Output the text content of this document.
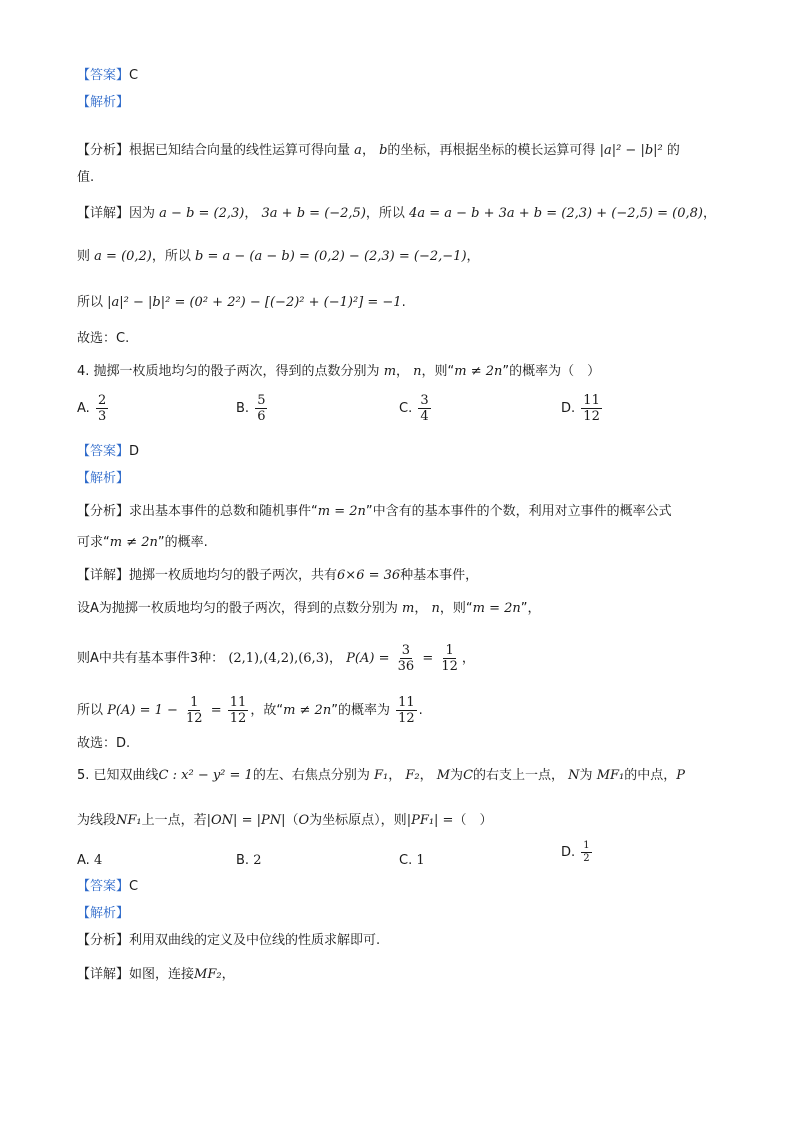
【答案】C
【解析】
【分析】根据已知结合向量的线性运算可得向量 a， b的坐标，再根据坐标的模长运算可得 |a|² − |b|² 的
值.
【详解】因为 a − b = (2,3)， 3a + b = (−2,5)，所以 4a = a − b + 3a + b = (2,3) + (−2,5) = (0,8)，
则 a = (0,2)，所以 b = a − (a − b) = (0,2) − (2,3) = (−2,−1)，
所以 |a|² − |b|² = (0² + 2²) − [(−2)² + (−1)²] = −1.
故选：C.
4. 抛掷一枚质地均匀的骰子两次，得到的点数分别为 m， n，则“m ≠ 2n”的概率为（　）
A. $\frac{2}{3}$	B. $\frac{5}{6}$	C. $\frac{3}{4}$	D. $\frac{11}{12}$
【答案】D
【解析】
【分析】求出基本事件的总数和随机事件“m = 2n”中含有的基本事件的个数，利用对立事件的概率公式
可求“m ≠ 2n”的概率.
【详解】抛掷一枚质地均匀的骰子两次，共有6×6 = 36种基本事件，
设A为抛掷一枚质地均匀的骰子两次，得到的点数分别为 m， n，则“m = 2n”，
则A中共有基本事件3种： (2,1),(4,2),(6,3)， $P(A) = \frac{3}{36} = \frac{1}{12}$ ，
所以 $P(A) = 1 - \frac{1}{12} = \frac{11}{12}$ ，故“m ≠ 2n”的概率为 $\frac{11}{12}$ .
故选：D.
5. 已知双曲线C : x² − y² = 1的左、右焦点分别为 F₁， F₂， M为C的右支上一点， N为 MF₁的中点，P
为线段NF₁上一点，若|ON| = |PN|（O为坐标原点），则|PF₁| =（　）
A. 4	B. 2	C. 1
D. $\frac{1}{2}$
【答案】C
【解析】
【分析】利用双曲线的定义及中位线的性质求解即可.
【详解】如图，连接MF₂，
